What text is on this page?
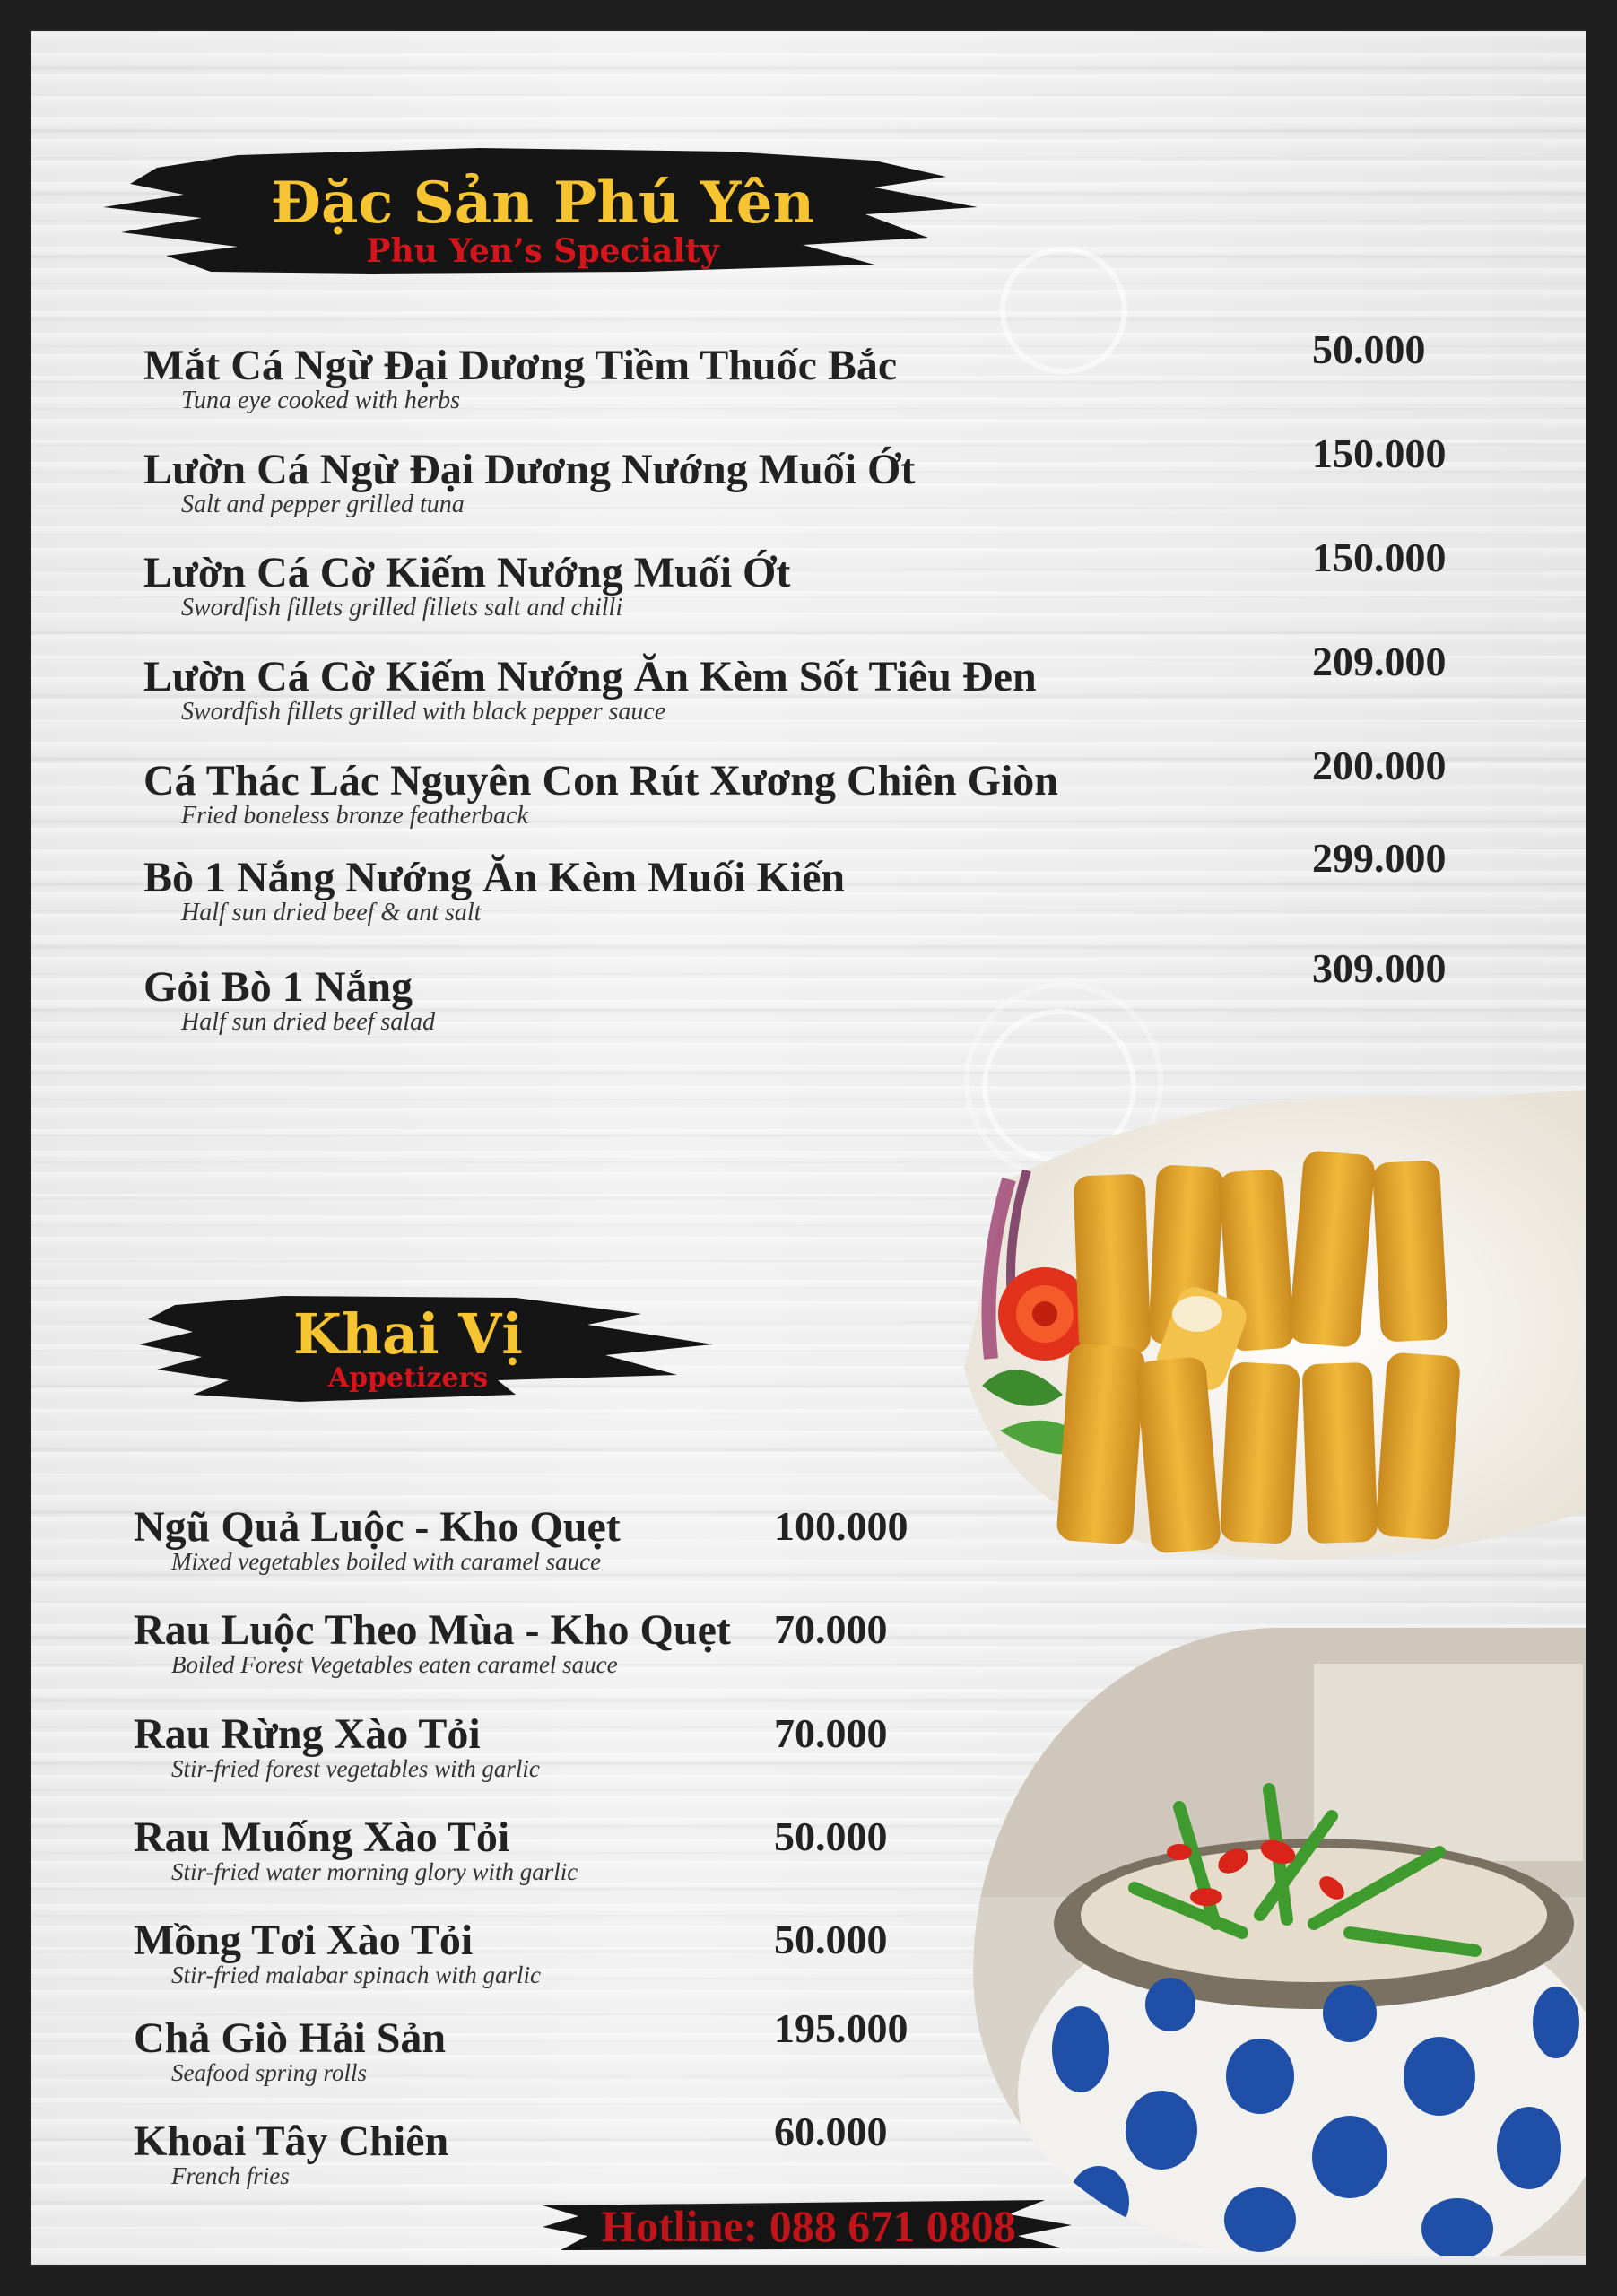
Đặc Sản Phú Yên
Phu Yen’s Specialty
Mắt Cá Ngừ Đại Dương Tiềm Thuốc Bắc
Tuna eye cooked with herbs
50.000
Lườn Cá Ngừ Đại Dương Nướng Muối Ớt
Salt and pepper grilled tuna
150.000
Lườn Cá Cờ Kiếm Nướng Muối Ớt
Swordfish fillets grilled fillets salt and chilli
150.000
Lườn Cá Cờ Kiếm Nướng Ăn Kèm Sốt Tiêu Đen
Swordfish fillets grilled with black pepper sauce
209.000
Cá Thác Lác Nguyên Con Rút Xương Chiên Giòn
Fried boneless bronze featherback
200.000
Bò 1 Nắng Nướng Ăn Kèm Muối Kiến
Half sun dried beef & ant salt
299.000
Gỏi Bò 1 Nắng
Half sun dried beef salad
309.000
Khai Vị
Appetizers
Ngũ Quả Luộc - Kho Quẹt
Mixed vegetables boiled with caramel sauce
100.000
Rau Luộc Theo Mùa - Kho Quẹt
Boiled Forest Vegetables eaten caramel sauce
70.000
Rau Rừng Xào Tỏi
Stir-fried forest vegetables with garlic
70.000
Rau Muống Xào Tỏi
Stir-fried water morning glory with garlic
50.000
Mồng Tơi Xào Tỏi
Stir-fried malabar spinach with garlic
50.000
Chả Giò Hải Sản
Seafood spring rolls
195.000
Khoai Tây Chiên
French fries
60.000
Hotline: 088 671 0808
